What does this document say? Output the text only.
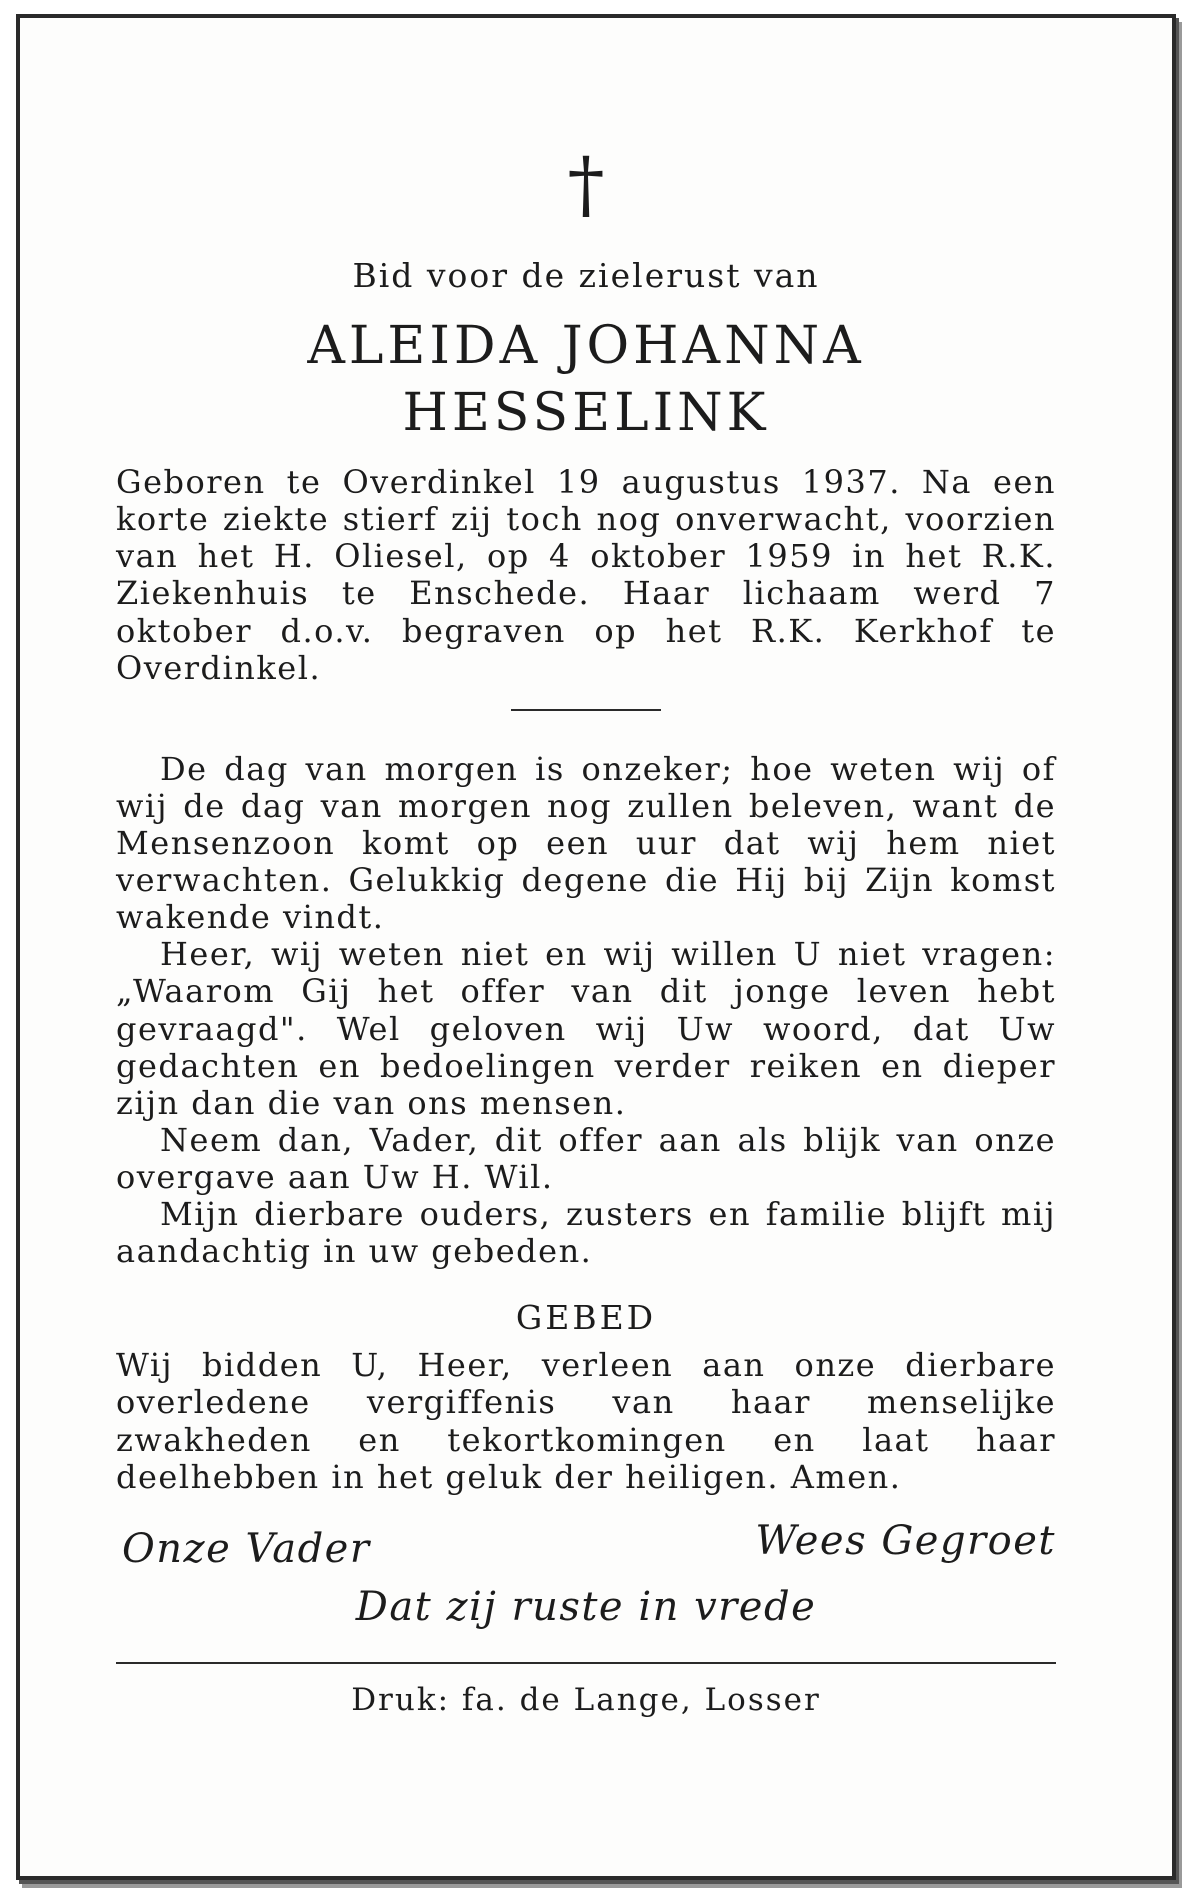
†
Bid voor de zielerust van
ALEIDA JOHANNA
HESSELINK

Geboren te Overdinkel 19 augustus 1937. Na een korte ziekte stierf zij toch nog onverwacht, voorzien van het H. Oliesel, op 4 oktober 1959 in het R.K. Ziekenhuis te Enschede. Haar lichaam werd 7 oktober d.o.v. begraven op het R.K. Kerkhof te Overdinkel.

De dag van morgen is onzeker; hoe weten wij of wij de dag van morgen nog zullen beleven, want de Mensenzoon komt op een uur dat wij hem niet verwachten. Gelukkig degene die Hij bij Zijn komst wakende vindt.

Heer, wij weten niet en wij willen U niet vragen: „Waarom Gij het offer van dit jonge leven hebt gevraagd". Wel geloven wij Uw woord, dat Uw gedachten en bedoelingen verder reiken en dieper zijn dan die van ons mensen.

Neem dan, Vader, dit offer aan als blijk van onze overgave aan Uw H. Wil.

Mijn dierbare ouders, zusters en familie blijft mij aandachtig in uw gebeden.

GEBED

Wij bidden U, Heer, verleen aan onze dierbare overledene vergiffenis van haar menselijke zwakheden en tekortkomingen en laat haar deelhebben in het geluk der heiligen. Amen.

Onze Vader	Wees Gegroet
Dat zij ruste in vrede
Druk: fa. de Lange, Losser
